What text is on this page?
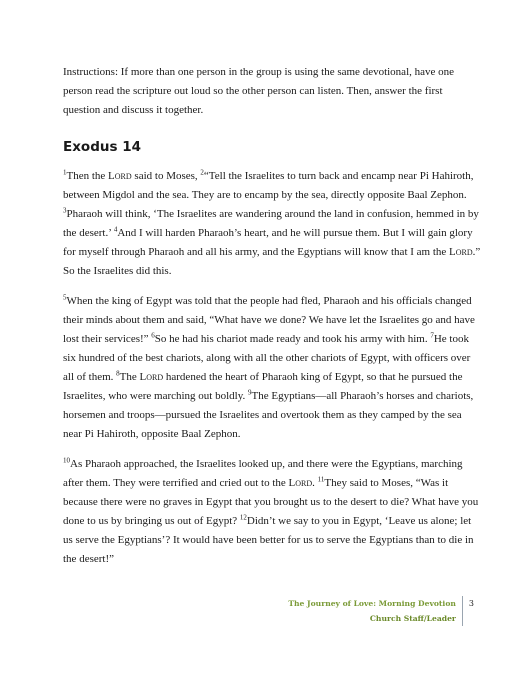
Instructions: If more than one person in the group is using the same devotional, have one person read the scripture out loud so the other person can listen. Then, answer the first question and discuss it together.

Exodus 14

$^1$Then the Lord said to Moses, $^2$“Tell the Israelites to turn back and encamp near Pi Hahiroth, between Migdol and the sea. They are to encamp by the sea, directly opposite Baal Zephon. $^3$Pharaoh will think, ‘The Israelites are wandering around the land in confusion, hemmed in by the desert.’ $^4$And I will harden Pharaoh’s heart, and he will pursue them. But I will gain glory for myself through Pharaoh and all his army, and the Egyptians will know that I am the Lord.” So the Israelites did this.

$^5$When the king of Egypt was told that the people had fled, Pharaoh and his officials changed their minds about them and said, “What have we done? We have let the Israelites go and have lost their services!” $^6$So he had his chariot made ready and took his army with him. $^7$He took six hundred of the best chariots, along with all the other chariots of Egypt, with officers over all of them. $^8$The Lord hardened the heart of Pharaoh king of Egypt, so that he pursued the Israelites, who were marching out boldly. $^9$The Egyptians—all Pharaoh’s horses and chariots, horsemen and troops—pursued the Israelites and overtook them as they camped by the sea near Pi Hahiroth, opposite Baal Zephon.

$^{10}$As Pharaoh approached, the Israelites looked up, and there were the Egyptians, marching after them. They were terrified and cried out to the Lord. $^{11}$They said to Moses, “Was it because there were no graves in Egypt that you brought us to the desert to die? What have you done to us by bringing us out of Egypt? $^{12}$Didn’t we say to you in Egypt, ‘Leave us alone; let us serve the Egyptians’? It would have been better for us to serve the Egyptians than to die in the desert!”

The Journey of Love: Morning Devotion
Church Staff/Leader
3
